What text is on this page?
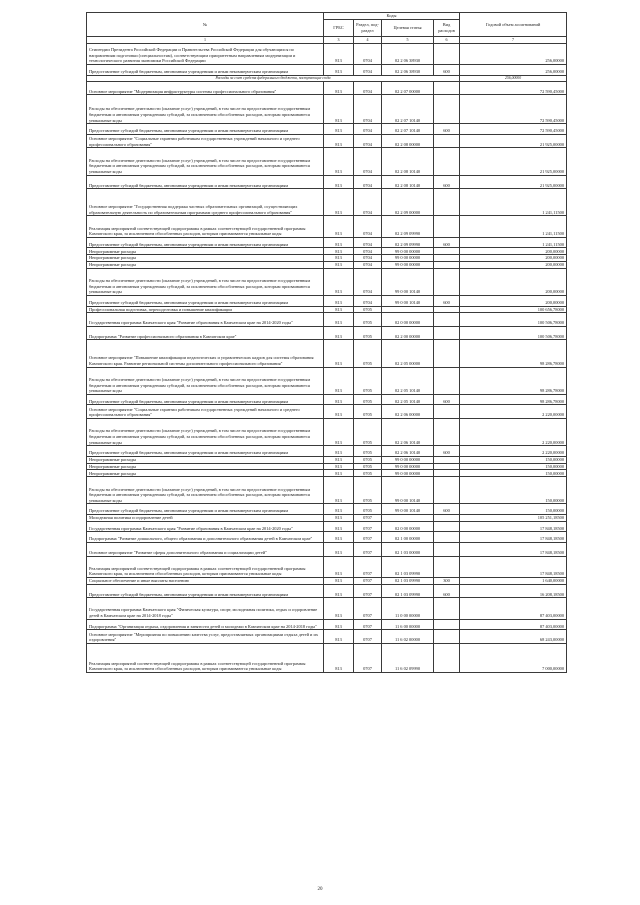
№	Коды				Годовой объем ассигнований
	ГРБС	Раздел, под-раздел	Целевая статья	Вид расходов	
1	3	4	5	6	7
Стипендии Президента Российской Федерации и Правительства Российской Федерации для обучающихся по направлениям подготовки (специальностям), соответствующим приоритетным направлениям модернизации и технологического развития экономики Российской Федерации	813	0704	02 2 06 38930		256,00000
Предоставление субсидий бюджетным, автономным учреждениям и иным некоммерческим организациям	813	0704	02 2 06 38930	600	256,00000
Расходы за счет средств федерального бюджета, поступающие сюда					256,00000
Основное мероприятие "Модернизация инфраструктуры системы профессионального образования"	813	0704	02 2 07 00000		72 590,45000
Расходы на обеспечение деятельности (оказание услуг) учреждений, в том числе на предоставление государственным бюджетным и автономным учреждениям субсидий, за исключением обособленных расходов, которым присваиваются уникальные коды	813	0704	02 2 07 10140		72 590,45000
Предоставление субсидий бюджетным, автономным учреждениям и иным некоммерческим организациям	813	0704	02 2 07 10140	600	72 590,45000
Основное мероприятие "Социальные гарантии работникам государственных учреждений начального и среднего профессионального образования"	813	0704	02 2 08 00000		21 925,00000
Расходы на обеспечение деятельности (оказание услуг) учреждений, в том числе на предоставление государственным бюджетным и автономным учреждениям субсидий, за исключением обособленных расходов, которым присваиваются уникальные коды	813	0704	02 2 08 10140		21 925,00000
Предоставление субсидий бюджетным, автономным учреждениям и иным некоммерческим организациям	813	0704	02 2 08 10140	600	21 925,00000
Основное мероприятие "Государственная поддержка частных образовательных организаций, осуществляющих образовательную деятельность по образовательным программам среднего профессионального образования"	813	0704	02 2 09 00000		1 241,11500
Реализация мероприятий соответствующей подпрограммы в рамках соответствующей государственной программы Камчатского края, за исключением обособленных расходов, которым присваиваются уникальные коды	813	0704	02 2 09 09990		1 241,11500
Предоставление субсидий бюджетным, автономным учреждениям и иным некоммерческим организациям	813	0704	02 2 09 09990	600	1 241,11500
Непрограммные расходы	813	0704	99 0 00 00000		200,00000
Непрограммные расходы	813	0704	99 0 00 00000		200,00000
Непрограммные расходы	813	0704	99 0 00 00000		200,00000
Расходы на обеспечение деятельности (оказание услуг) учреждений, в том числе на предоставление государственным бюджетным и автономным учреждениям субсидий, за исключением обособленных расходов, которым присваиваются уникальные коды	813	0704	99 0 00 10140		200,00000
Предоставление субсидий бюджетным, автономным учреждениям и иным некоммерческим организациям	813	0704	99 0 00 10140	600	200,00000
Профессиональная подготовка, переподготовка и повышение квалификации	813	0705			100 656,78000
Государственная программа Камчатского края "Развитие образования в Камчатском крае на 2014-2020 годы"	813	0705	02 0 00 00000		100 506,78000
Подпрограмма "Развитие профессионального образования в Камчатском крае"	813	0705	02 2 00 00000		100 506,78000
Основное мероприятие "Повышение квалификации педагогических и управленческих кадров для системы образования Камчатского края. Развитие региональной системы дополнительного профессионального образования"	813	0705	02 2 05 00000		98 286,78000
Расходы на обеспечение деятельности (оказание услуг) учреждений, в том числе на предоставление государственным бюджетным и автономным учреждениям субсидий, за исключением обособленных расходов, которым присваиваются уникальные коды	813	0705	02 2 05 10140		98 286,78000
Предоставление субсидий бюджетным, автономным учреждениям и иным некоммерческим организациям	813	0705	02 2 05 10140	600	98 286,78000
Основное мероприятие "Социальные гарантии работникам государственных учреждений начального и среднего профессионального образования"	813	0705	02 2 06 00000		2 220,00000
Расходы на обеспечение деятельности (оказание услуг) учреждений, в том числе на предоставление государственным бюджетным и автономным учреждениям субсидий, за исключением обособленных расходов, которым присваиваются уникальные коды	813	0705	02 2 06 10140		2 220,00000
Предоставление субсидий бюджетным, автономным учреждениям и иным некоммерческим организациям	813	0705	02 2 06 10140	600	2 220,00000
Непрограммные расходы	813	0705	99 0 00 00000		150,00000
Непрограммные расходы	813	0705	99 0 00 00000		150,00000
Непрограммные расходы	813	0705	99 0 00 00000		150,00000
Расходы на обеспечение деятельности (оказание услуг) учреждений, в том числе на предоставление государственным бюджетным и автономным учреждениям субсидий, за исключением обособленных расходов, которым присваиваются уникальные коды	813	0705	99 0 00 10140		150,00000
Предоставление субсидий бюджетным, автономным учреждениям и иным некоммерческим организациям	813	0705	99 0 00 10140	600	150,00000
Молодежная политика и оздоровление детей	813	0707			105 251,18500
Государственная программа Камчатского края "Развитие образования в Камчатском крае на 2014-2020 годы"	813	0707	02 0 00 00000		17 848,18500
Подпрограмма "Развитие дошкольного, общего образования и дополнительного образования детей в Камчатском крае"	813	0707	02 1 00 00000		17 848,18500
Основное мероприятие "Развитие сферы дополнительного образования и социализации детей"	813	0707	02 1 03 00000		17 848,18500
Реализация мероприятий соответствующей подпрограммы в рамках соответствующей государственной программы Камчатского края, за исключением обособленных расходов, которым присваиваются уникальные коды	813	0707	02 1 03 09990		17 848,18500
Социальное обеспечение и иные выплаты населению	813	0707	02 1 03 09990	300	1 640,00000
Предоставление субсидий бюджетным, автономным учреждениям и иным некоммерческим организациям	813	0707	02 1 03 09990	600	16 208,18500
Государственная программа Камчатского края "Физическая культура, спорт, молодежная политика, отдых и оздоровление детей в Камчатском крае на 2014-2018 годы"	813	0707	11 0 00 00000		87 403,00000
Подпрограмма "Организация отдыха, оздоровления и занятости детей и молодежи в Камчатском крае на 2014-2018 годы"	813	0707	11 6 00 00000		87 403,00000
Основное мероприятие "Мероприятия по повышению качества услуг, предоставляемых организациями отдыха детей и их оздоровления"	813	0707	11 6 02 00000		68 243,00000
Реализация мероприятий соответствующей подпрограммы в рамках соответствующей государственной программы Камчатского края, за исключением обособленных расходов, которым присваиваются уникальные коды	813	0707	11 6 02 09990		7 000,00000
20
